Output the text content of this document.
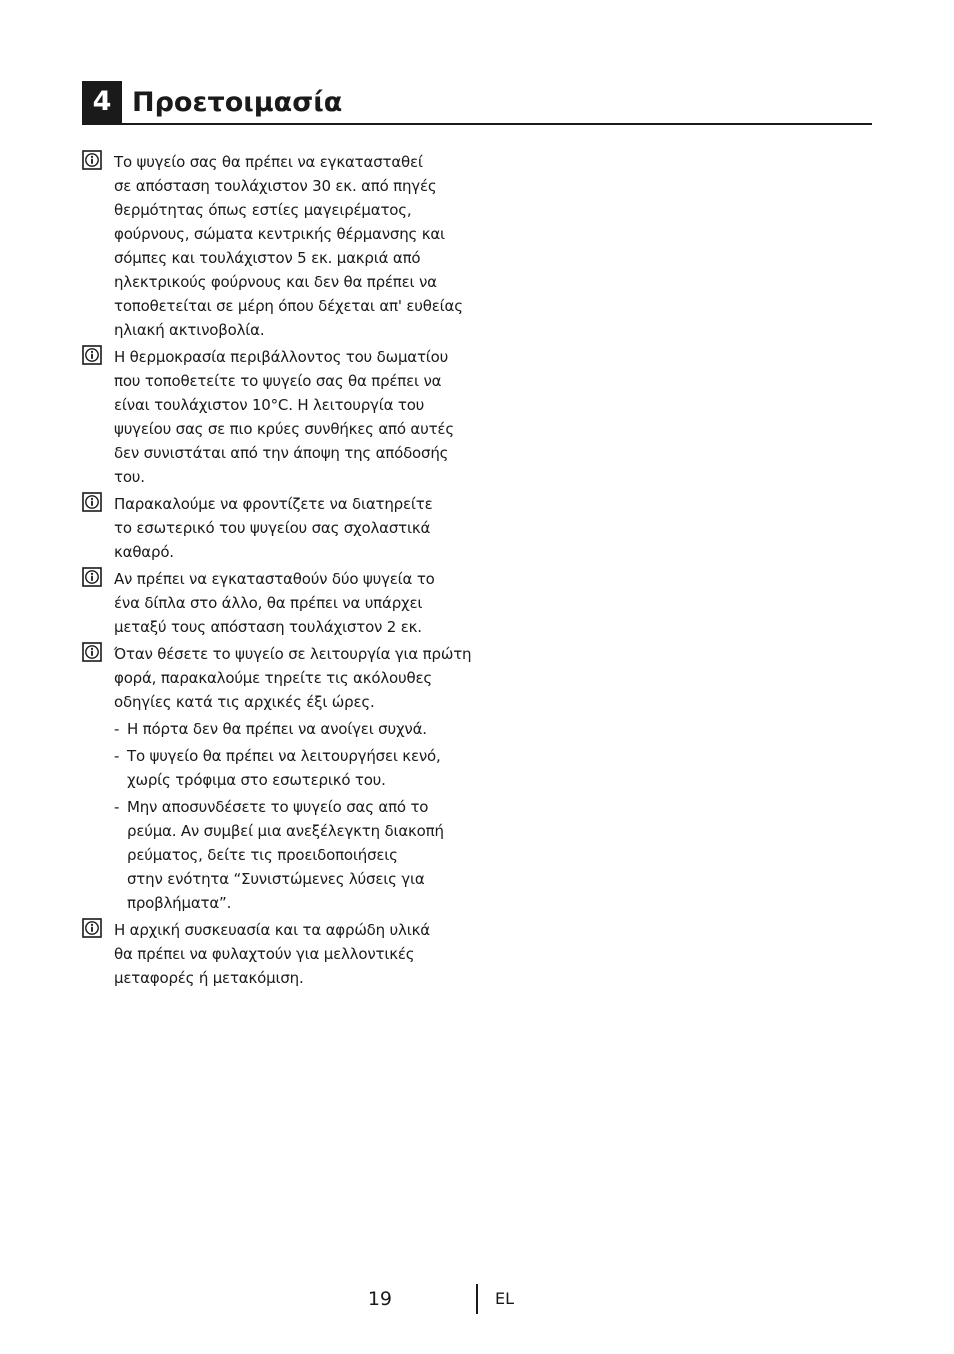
4 Προετοιμασία

Το ψυγείο σας θα πρέπει να εγκατασταθεί
σε απόσταση τουλάχιστον 30 εκ. από πηγές
θερμότητας όπως εστίες μαγειρέματος,
φούρνους, σώματα κεντρικής θέρμανσης και
σόμπες και τουλάχιστον 5 εκ. μακριά από
ηλεκτρικούς φούρνους και δεν θα πρέπει να
τοποθετείται σε μέρη όπου δέχεται απ' ευθείας
ηλιακή ακτινοβολία.

Η θερμοκρασία περιβάλλοντος του δωματίου
που τοποθετείτε το ψυγείο σας θα πρέπει να
είναι τουλάχιστον 10°C. Η λειτουργία του
ψυγείου σας σε πιο κρύες συνθήκες από αυτές
δεν συνιστάται από την άποψη της απόδοσής
του.

Παρακαλούμε να φροντίζετε να διατηρείτε
το εσωτερικό του ψυγείου σας σχολαστικά
καθαρό.

Αν πρέπει να εγκατασταθούν δύο ψυγεία το
ένα δίπλα στο άλλο, θα πρέπει να υπάρχει
μεταξύ τους απόσταση τουλάχιστον 2 εκ.

Όταν θέσετε το ψυγείο σε λειτουργία για πρώτη
φορά, παρακαλούμε τηρείτε τις ακόλουθες
οδηγίες κατά τις αρχικές έξι ώρες.

- Η πόρτα δεν θα πρέπει να ανοίγει συχνά.
- Το ψυγείο θα πρέπει να λειτουργήσει κενό,
χωρίς τρόφιμα στο εσωτερικό του.
- Μην αποσυνδέσετε το ψυγείο σας από το
ρεύμα. Αν συμβεί μια ανεξέλεγκτη διακοπή
ρεύματος, δείτε τις προειδοποιήσεις
στην ενότητα “Συνιστώμενες λύσεις για
προβλήματα”.

Η αρχική συσκευασία και τα αφρώδη υλικά
θα πρέπει να φυλαχτούν για μελλοντικές
μεταφορές ή μετακόμιση.

19	EL
